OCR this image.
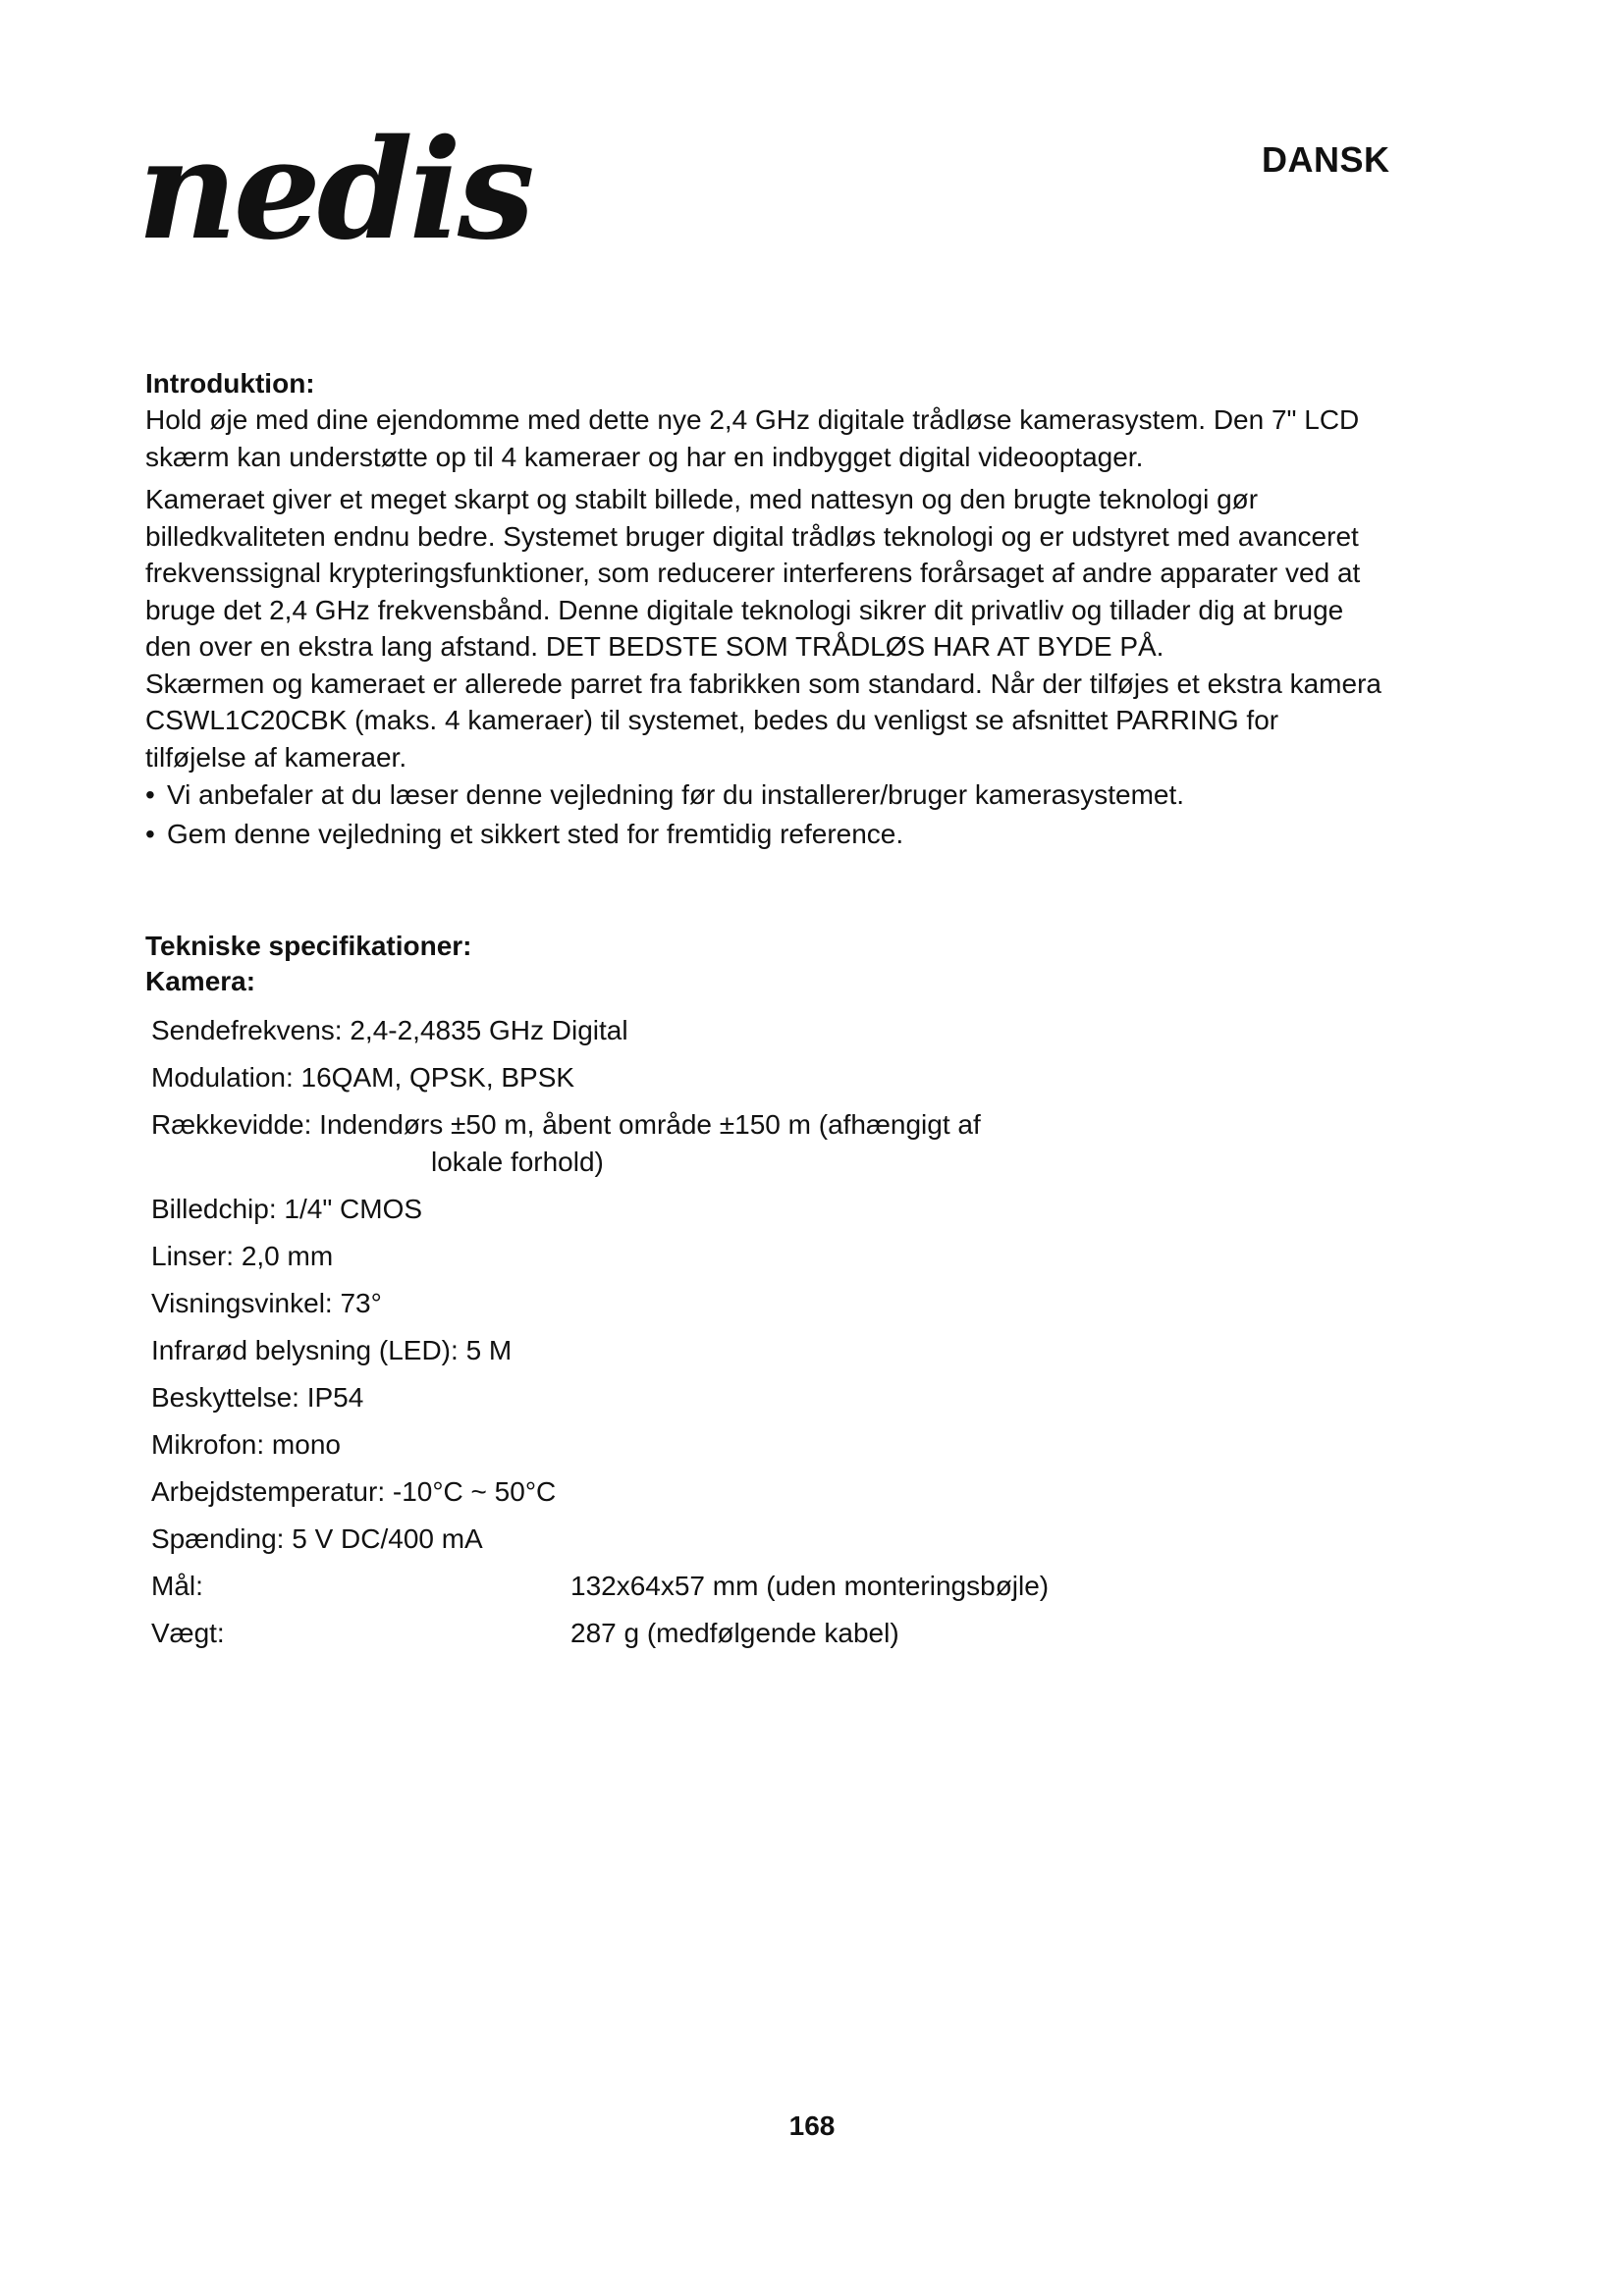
nedis	DANSK
Introduktion:

Hold øje med dine ejendomme med dette nye 2,4 GHz digitale trådløse kamerasystem. Den 7" LCD skærm kan understøtte op til 4 kameraer og har en indbygget digital videooptager.

Kameraet giver et meget skarpt og stabilt billede, med nattesyn og den brugte teknologi gør billedkvaliteten endnu bedre. Systemet bruger digital trådløs teknologi og er udstyret med avanceret frekvenssignal krypteringsfunktioner, som reducerer interferens forårsaget af andre apparater ved at bruge det 2,4 GHz frekvensbånd. Denne digitale teknologi sikrer dit privatliv og tillader dig at bruge den over en ekstra lang afstand. DET BEDSTE SOM TRÅDLØS HAR AT BYDE PÅ.

Skærmen og kameraet er allerede parret fra fabrikken som standard. Når der tilføjes et ekstra kamera CSWL1C20CBK (maks. 4 kameraer) til systemet, bedes du venligst se afsnittet PARRING for tilføjelse af kameraer.

• Vi anbefaler at du læser denne vejledning før du installerer/bruger kamerasystemet.
• Gem denne vejledning et sikkert sted for fremtidig reference.
Tekniske specifikationer:
Kamera:
Sendefrekvens: 2,4-2,4835 GHz Digital
Modulation: 16QAM, QPSK, BPSK
Rækkevidde: Indendørs ±50 m, åbent område ±150 m (afhængigt af
lokale forhold)
Billedchip: 1/4" CMOS
Linser: 2,0 mm
Visningsvinkel: 73°
Infrarød belysning (LED): 5 M
Beskyttelse: IP54
Mikrofon: mono
Arbejdstemperatur: -10°C ~ 50°C
Spænding: 5 V DC/400 mA
Mål:	132x64x57 mm (uden monteringsbøjle)
Vægt:	287 g (medfølgende kabel)
168
